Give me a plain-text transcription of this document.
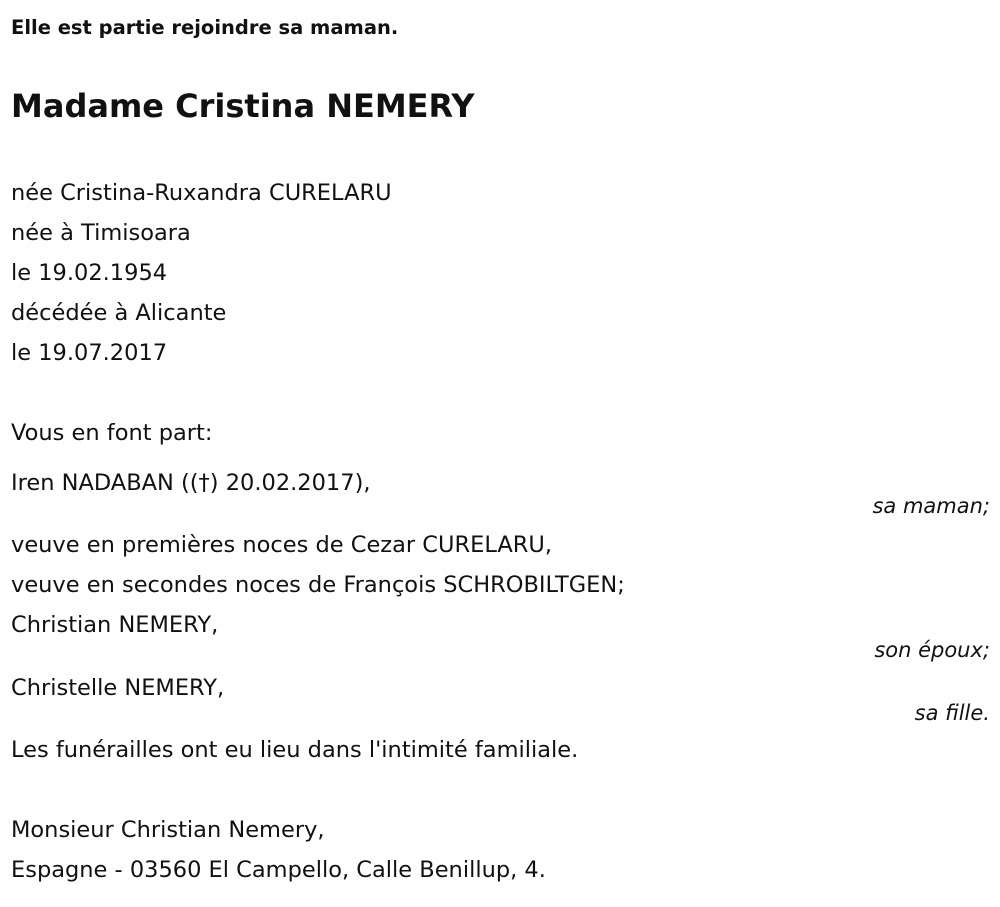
Elle est partie rejoindre sa maman.
Madame Cristina NEMERY
née Cristina-Ruxandra CURELARU
née à Timisoara
le 19.02.1954
décédée à Alicante
le 19.07.2017
Vous en font part:
Iren NADABAN ((†) 20.02.2017),
sa maman;
veuve en premières noces de Cezar CURELARU,
veuve en secondes noces de François SCHROBILTGEN;
Christian NEMERY,
son époux;
Christelle NEMERY,
sa fille.
Les funérailles ont eu lieu dans l'intimité familiale.
Monsieur Christian Nemery,
Espagne - 03560 El Campello, Calle Benillup, 4.
